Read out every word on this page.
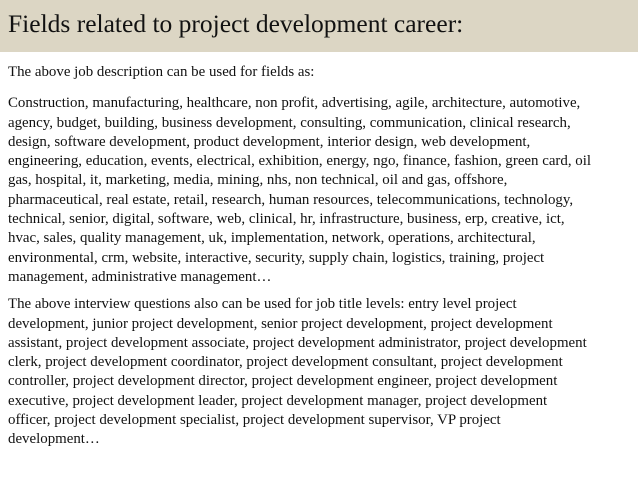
Fields related to project development career:

The above job description can be used for fields as:

Construction, manufacturing, healthcare, non profit, advertising, agile, architecture, automotive,
agency, budget, building, business development, consulting, communication, clinical research,
design, software development, product development, interior design, web development,
engineering, education, events, electrical, exhibition, energy, ngo, finance, fashion, green card, oil
gas, hospital, it, marketing, media, mining, nhs, non technical, oil and gas, offshore,
pharmaceutical, real estate, retail, research, human resources, telecommunications, technology,
technical, senior, digital, software, web, clinical, hr, infrastructure, business, erp, creative, ict,
hvac, sales, quality management, uk, implementation, network, operations, architectural,
environmental, crm, website, interactive, security, supply chain, logistics, training, project
management, administrative management…
The above interview questions also can be used for job title levels: entry level project
development, junior project development, senior project development, project development
assistant, project development associate, project development administrator, project development
clerk, project development coordinator, project development consultant, project development
controller, project development director, project development engineer, project development
executive, project development leader, project development manager, project development
officer, project development specialist, project development supervisor, VP project
development…
